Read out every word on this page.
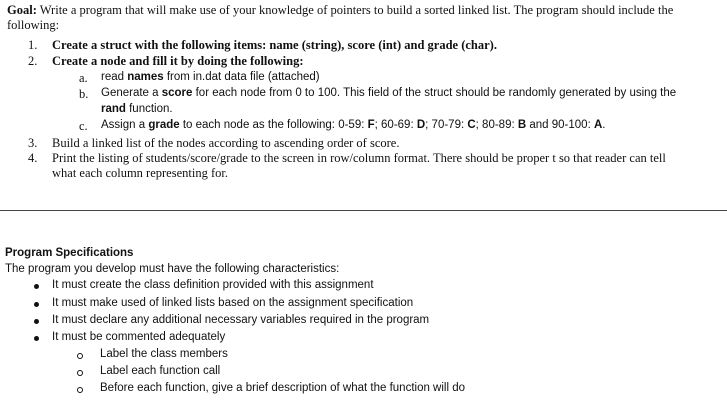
Goal: Write a program that will make use of your knowledge of pointers to build a sorted linked list. The program should include the
following:
1. Create a struct with the following items: name (string), score (int) and grade (char).
2. Create a node and fill it by doing the following:
a. read names from in.dat data file (attached)
b. Generate a score for each node from 0 to 100. This field of the struct should be randomly generated by using the
rand function.
c. Assign a grade to each node as the following: 0-59: F; 60-69: D; 70-79: C; 80-89: B and 90-100: A.
3. Build a linked list of the nodes according to ascending order of score.
4. Print the listing of students/score/grade to the screen in row/column format. There should be proper t so that reader can tell
what each column representing for.
Program Specifications
The program you develop must have the following characteristics:
It must create the class definition provided with this assignment
It must make used of linked lists based on the assignment specification
It must declare any additional necessary variables required in the program
It must be commented adequately
Label the class members
Label each function call
Before each function, give a brief description of what the function will do
